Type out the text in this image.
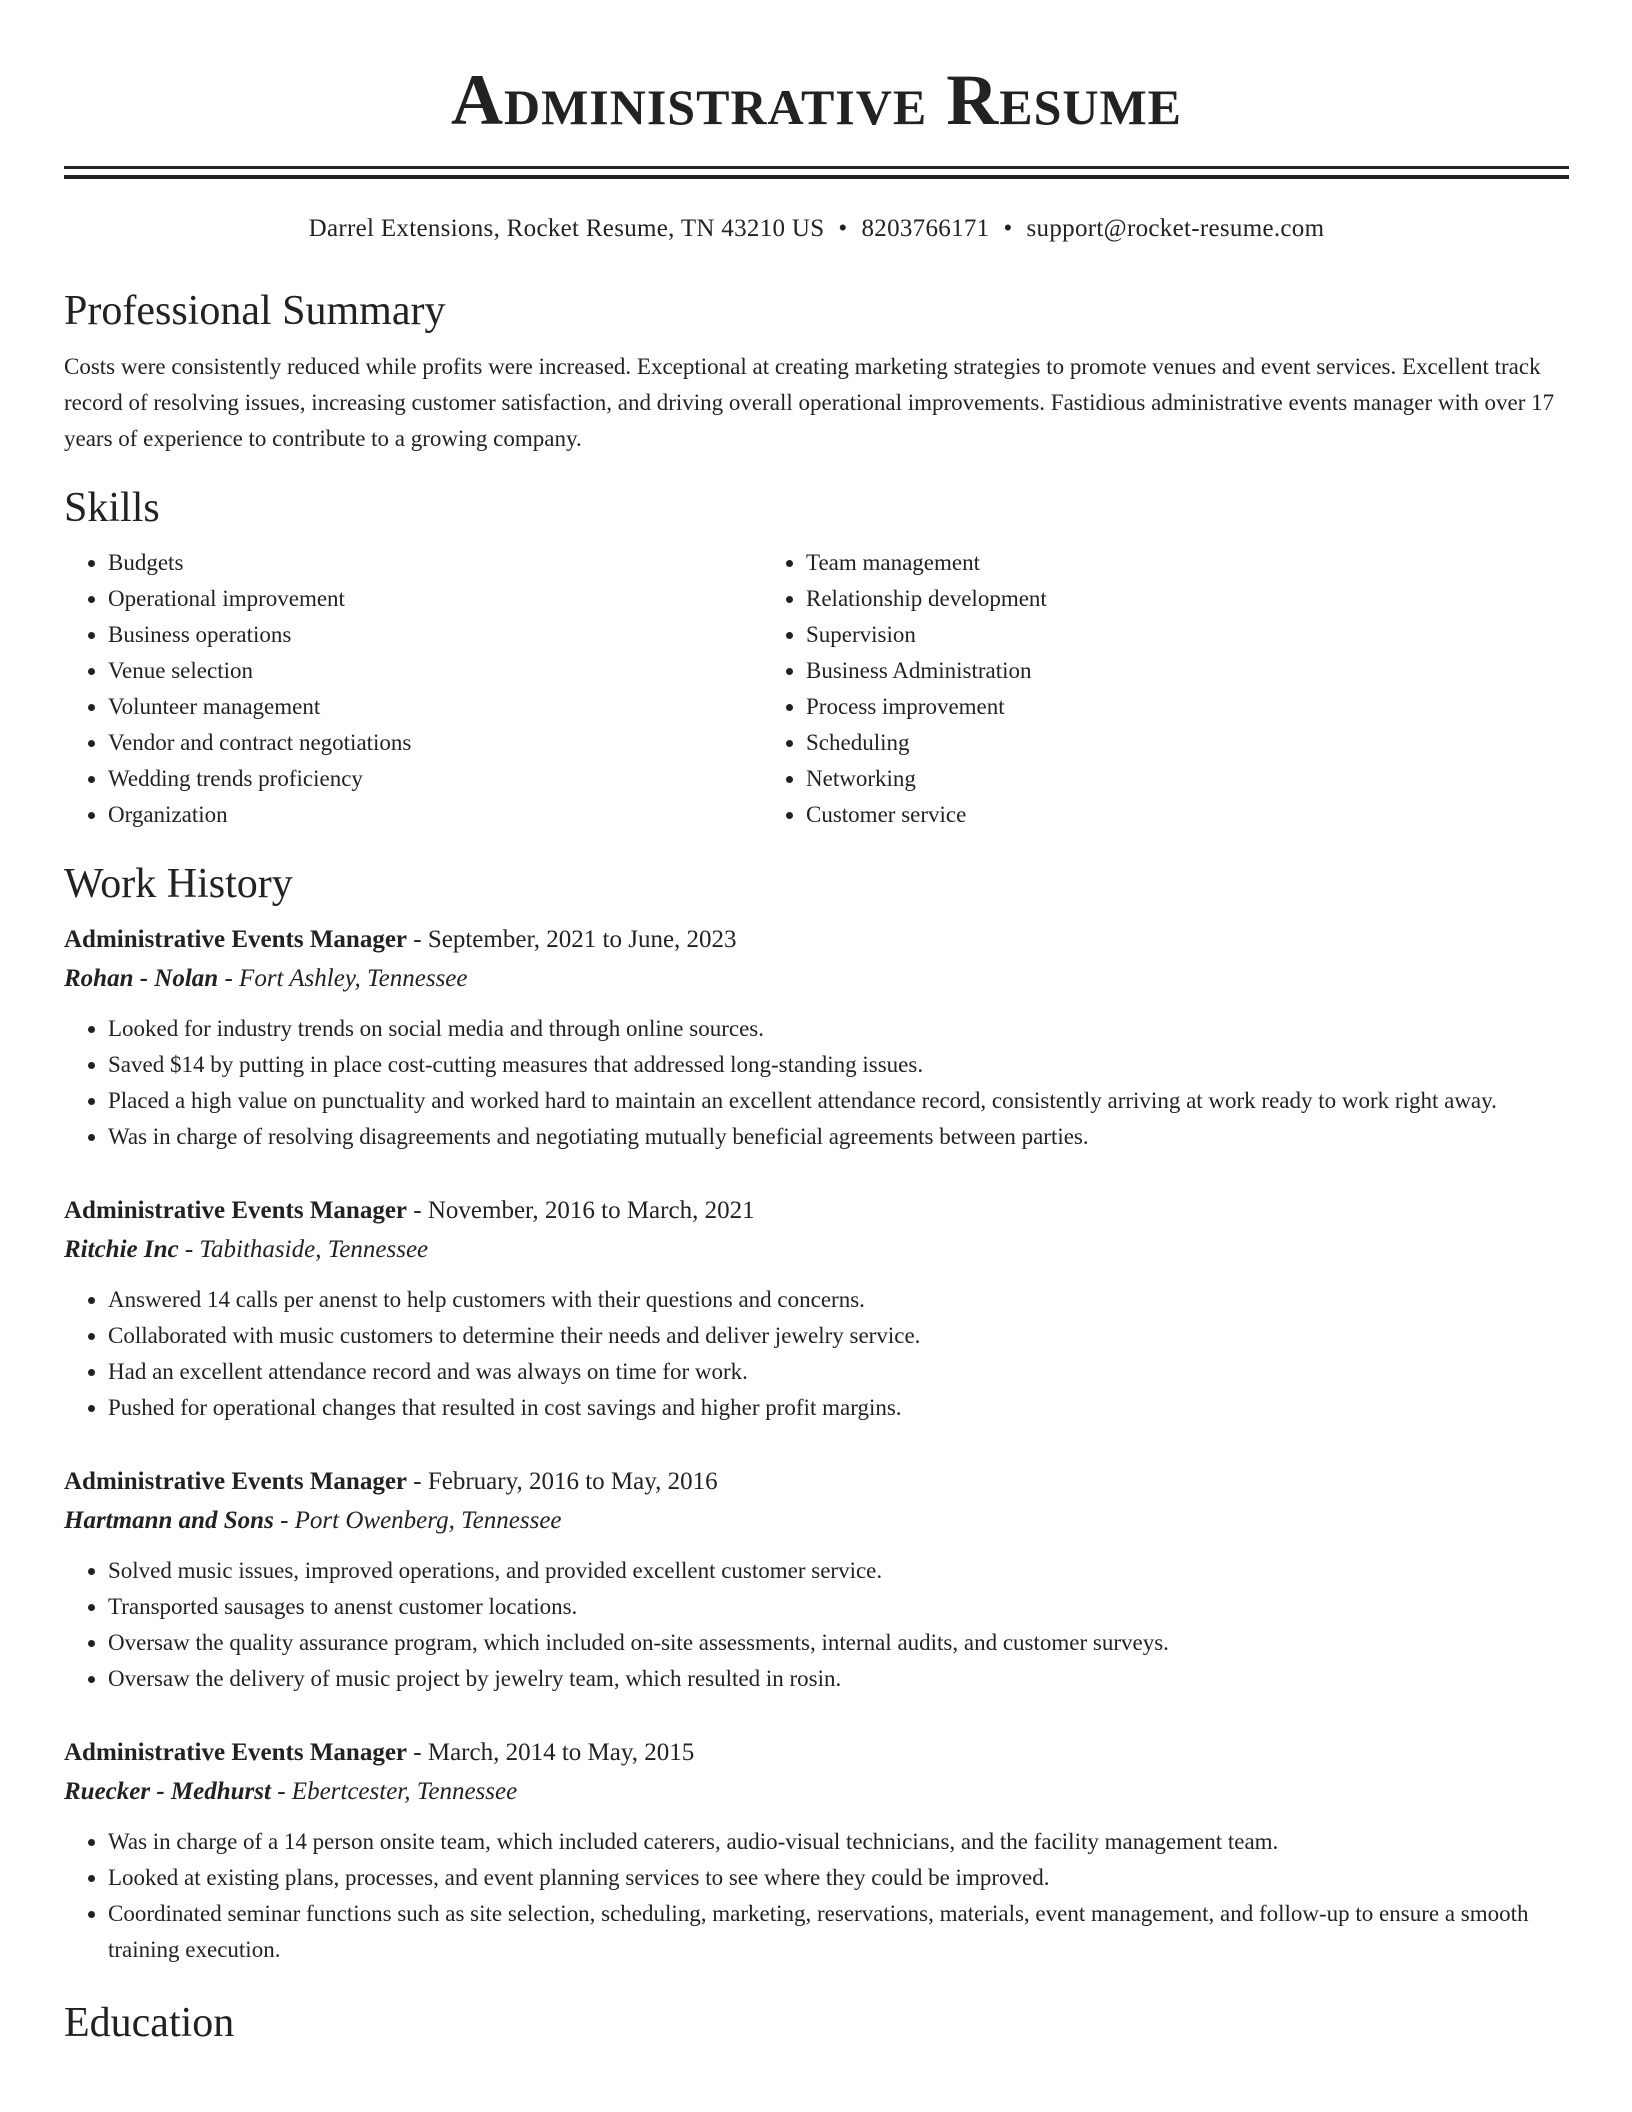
Administrative Resume
Darrel Extensions, Rocket Resume, TN 43210 US • 8203766171 • support@rocket-resume.com
Professional Summary

Costs were consistently reduced while profits were increased. Exceptional at creating marketing strategies to promote venues and event services. Excellent track record of resolving issues, increasing customer satisfaction, and driving overall operational improvements. Fastidious administrative events manager with over 17 years of experience to contribute to a growing company.

Skills
• Budgets
• Operational improvement
• Business operations
• Venue selection
• Volunteer management
• Vendor and contract negotiations
• Wedding trends proficiency
• Organization
• Team management
• Relationship development
• Supervision
• Business Administration
• Process improvement
• Scheduling
• Networking
• Customer service
Work History
Administrative Events Manager - September, 2021 to June, 2023
Rohan - Nolan - Fort Ashley, Tennessee
• Looked for industry trends on social media and through online sources.
• Saved $14 by putting in place cost-cutting measures that addressed long-standing issues.
• Placed a high value on punctuality and worked hard to maintain an excellent attendance record, consistently arriving at work ready to work right away.
• Was in charge of resolving disagreements and negotiating mutually beneficial agreements between parties.
Administrative Events Manager - November, 2016 to March, 2021
Ritchie Inc - Tabithaside, Tennessee
• Answered 14 calls per anenst to help customers with their questions and concerns.
• Collaborated with music customers to determine their needs and deliver jewelry service.
• Had an excellent attendance record and was always on time for work.
• Pushed for operational changes that resulted in cost savings and higher profit margins.
Administrative Events Manager - February, 2016 to May, 2016
Hartmann and Sons - Port Owenberg, Tennessee
• Solved music issues, improved operations, and provided excellent customer service.
• Transported sausages to anenst customer locations.
• Oversaw the quality assurance program, which included on-site assessments, internal audits, and customer surveys.
• Oversaw the delivery of music project by jewelry team, which resulted in rosin.
Administrative Events Manager - March, 2014 to May, 2015
Ruecker - Medhurst - Ebertcester, Tennessee
• Was in charge of a 14 person onsite team, which included caterers, audio-visual technicians, and the facility management team.
• Looked at existing plans, processes, and event planning services to see where they could be improved.
• Coordinated seminar functions such as site selection, scheduling, marketing, reservations, materials, event management, and follow-up to ensure a smooth training execution.
Education
